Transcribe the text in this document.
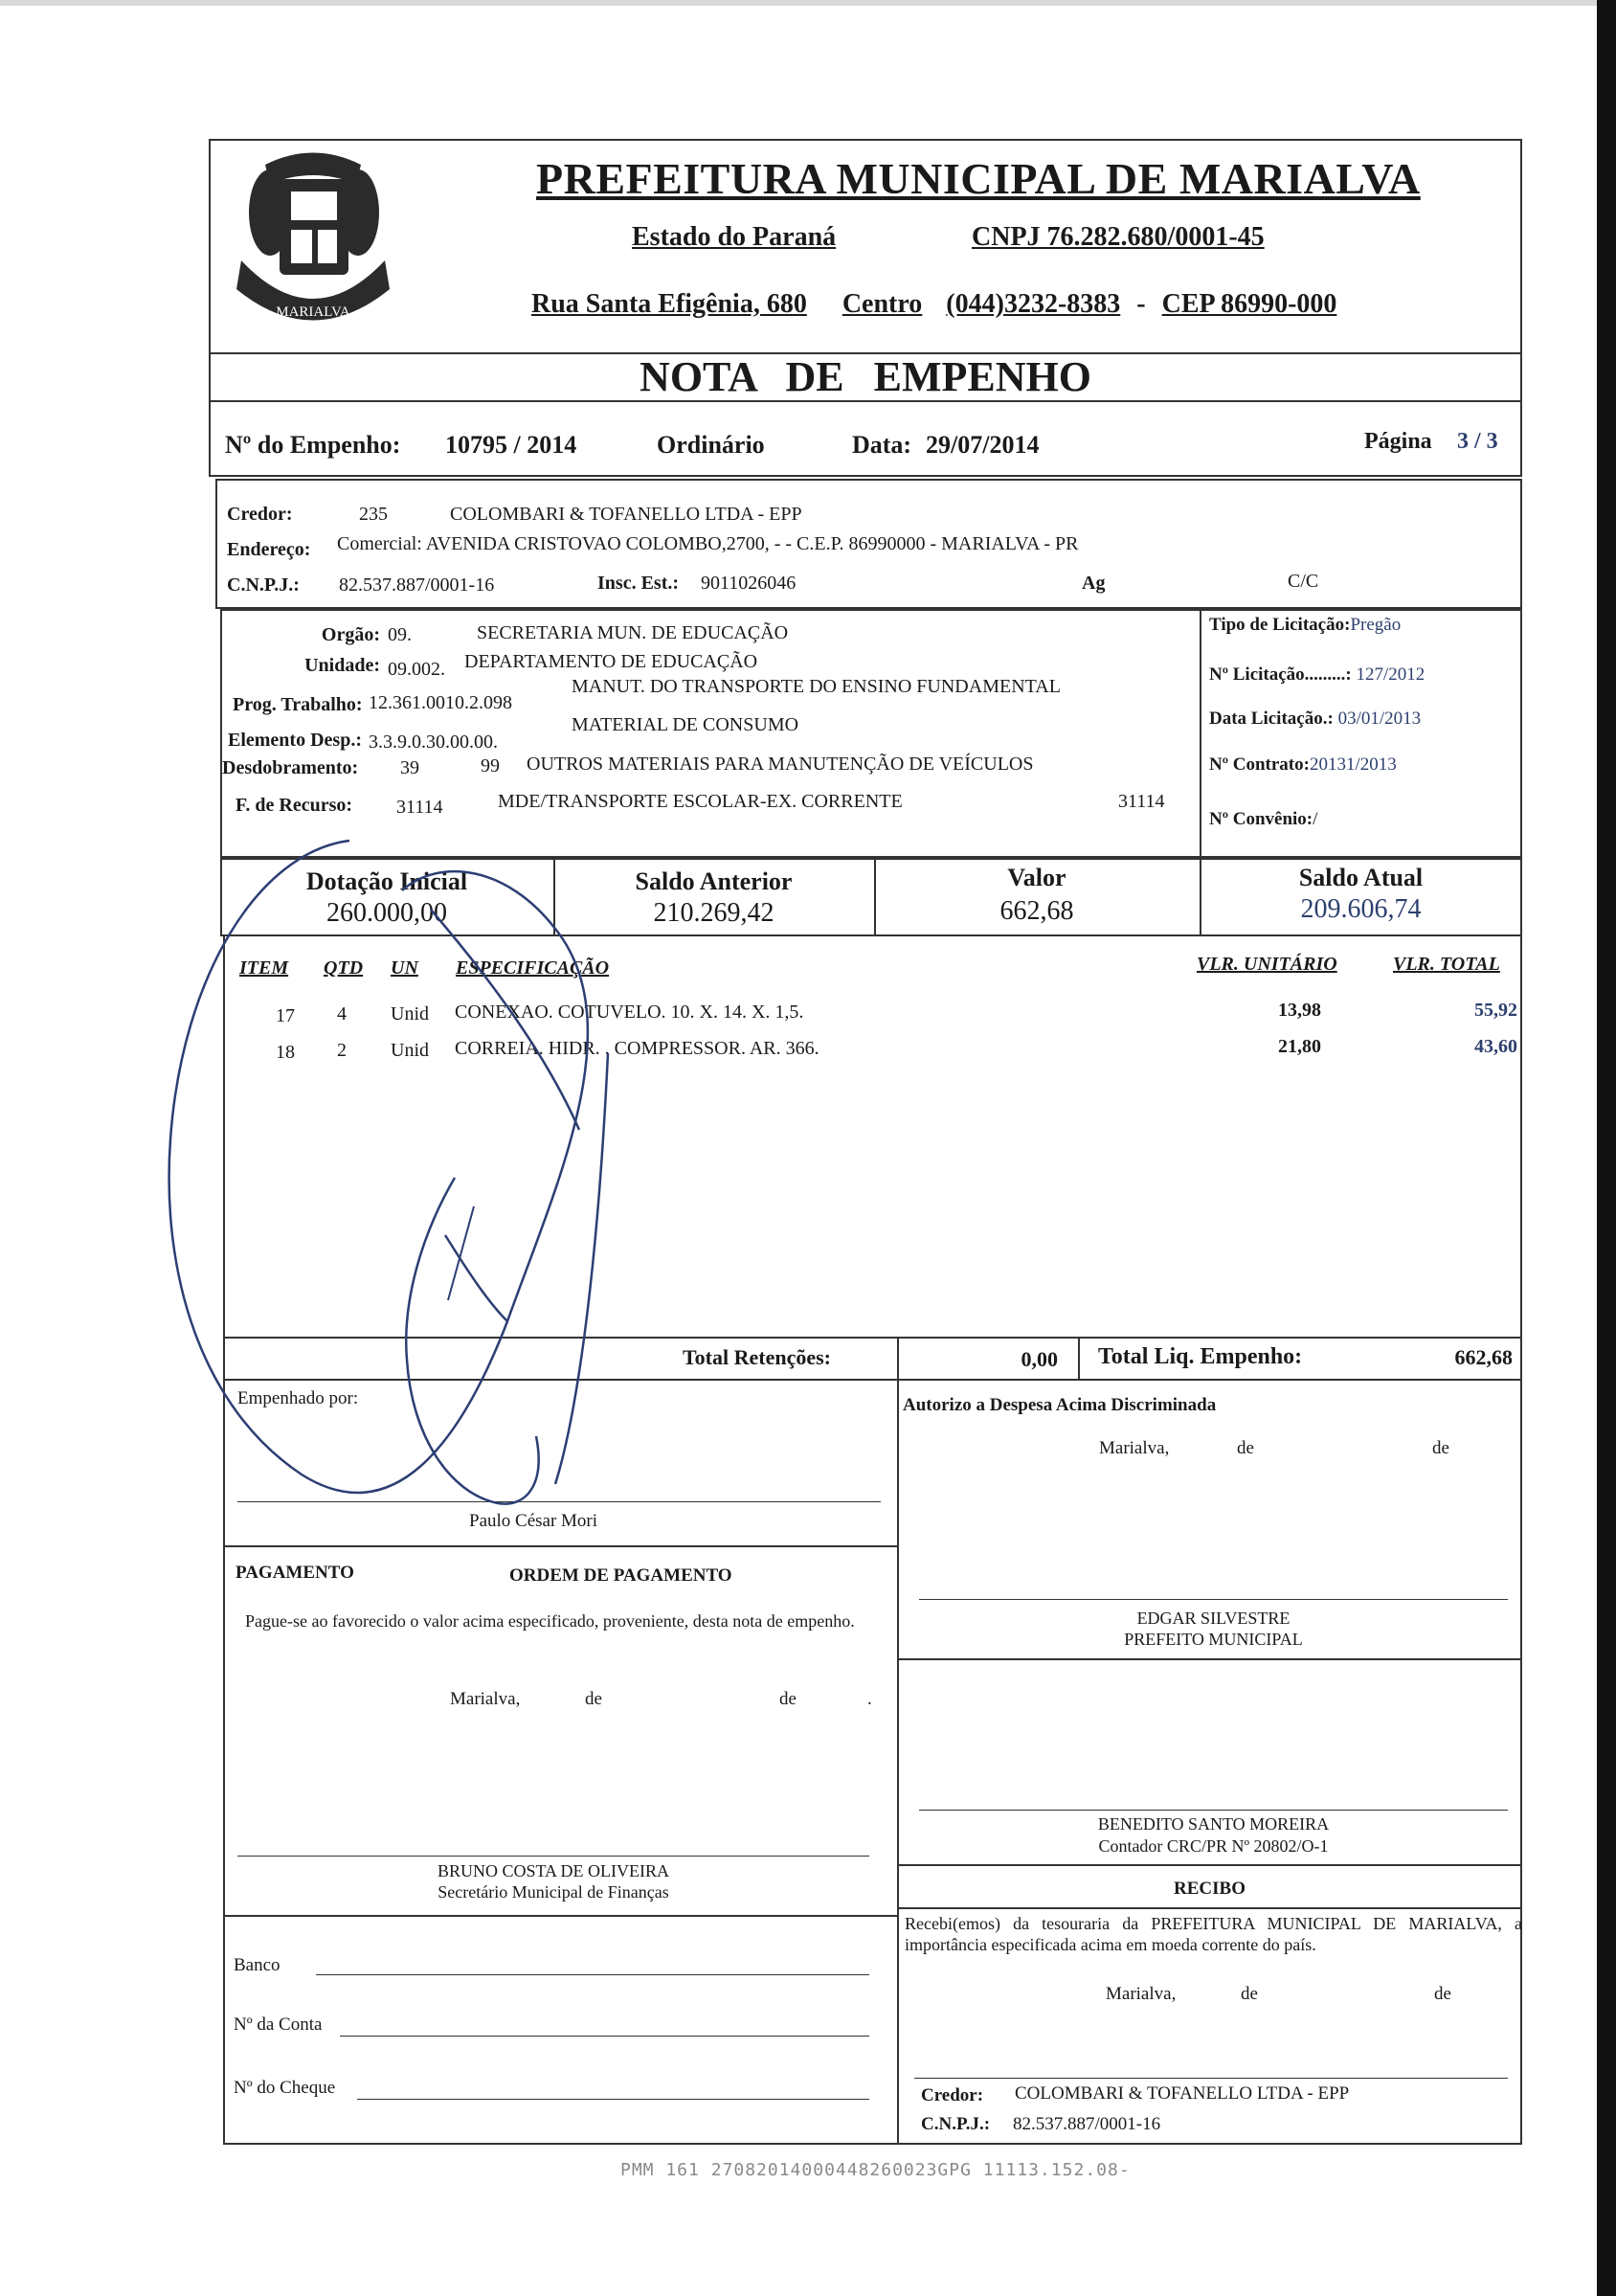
MARIALVA
PREFEITURA MUNICIPAL DE MARIALVA
Estado do Paraná	CNPJ 76.282.680/0001-45
Rua Santa Efigênia, 680 Centro (044)3232-8383 - CEP 86990-000
NOTA DE EMPENHO
Nº do Empenho: 10795 / 2014	Ordinário	Data: 29/07/2014	Página 3 / 3
Credor:	235	COLOMBARI & TOFANELLO LTDA - EPP
Endereço: Comercial: AVENIDA CRISTOVAO COLOMBO,2700, - - C.E.P. 86990000 - MARIALVA - PR
C.N.P.J.: 82.537.887/0001-16	Insc. Est.: 9011026046	Ag	C/C
Orgão: 09.	SECRETARIA MUN. DE EDUCAÇÃO
Unidade: 09.002. DEPARTAMENTO DE EDUCAÇÃO
Prog. Trabalho: 12.361.0010.2.098
MANUT. DO TRANSPORTE DO ENSINO FUNDAMENTAL
Elemento Desp.: 3.3.9.0.30.00.00.
MATERIAL DE CONSUMO
Desdobramento: 39	99 OUTROS MATERIAIS PARA MANUTENÇÃO DE VEÍCULOS
F. de Recurso: 31114	MDE/TRANSPORTE ESCOLAR-EX. CORRENTE	31114
Tipo de Licitação:Pregão
Nº Licitação.........: 127/2012
Data Licitação.: 03/01/2013
Nº Contrato:20131/2013
Nº Convênio:/
Dotação Inicial
260.000,00
Saldo Anterior
210.269,42
Valor
662,68
Saldo Atual
209.606,74
ITEM QTD UN ESPECIFICAÇÃO	VLR. UNITÁRIO	VLR. TOTAL
17 4 Unid CONEXAO. COTUVELO. 10. X. 14. X. 1,5.	13,98	55,92
18 2 Unid CORREIA. HIDR. . COMPRESSOR. AR. 366.	21,80	43,60
Total Retenções:	0,00 Total Liq. Empenho:	662,68
Empenhado por:
Paulo César Mori
Autorizo a Despesa Acima Discriminada
Marialva,	de	de
PAGAMENTO	ORDEM DE PAGAMENTO
Pague-se ao favorecido o valor acima especificado, proveniente, desta nota de empenho.
Marialva,	de	de	.
EDGAR SILVESTRE
PREFEITO MUNICIPAL
BENEDITO SANTO MOREIRA
Contador CRC/PR Nº 20802/O-1
BRUNO COSTA DE OLIVEIRA
Secretário Municipal de Finanças
Banco
Nº da Conta
Nº do Cheque
RECIBO
Recebi(emos) da tesouraria da PREFEITURA MUNICIPAL DE MARIALVA, a importância especificada acima em moeda corrente do país.
Marialva,	de	de
Credor: COLOMBARI & TOFANELLO LTDA - EPP
C.N.P.J.: 82.537.887/0001-16
PMM 161 27082014000448260023GPG 11113.152.08-
